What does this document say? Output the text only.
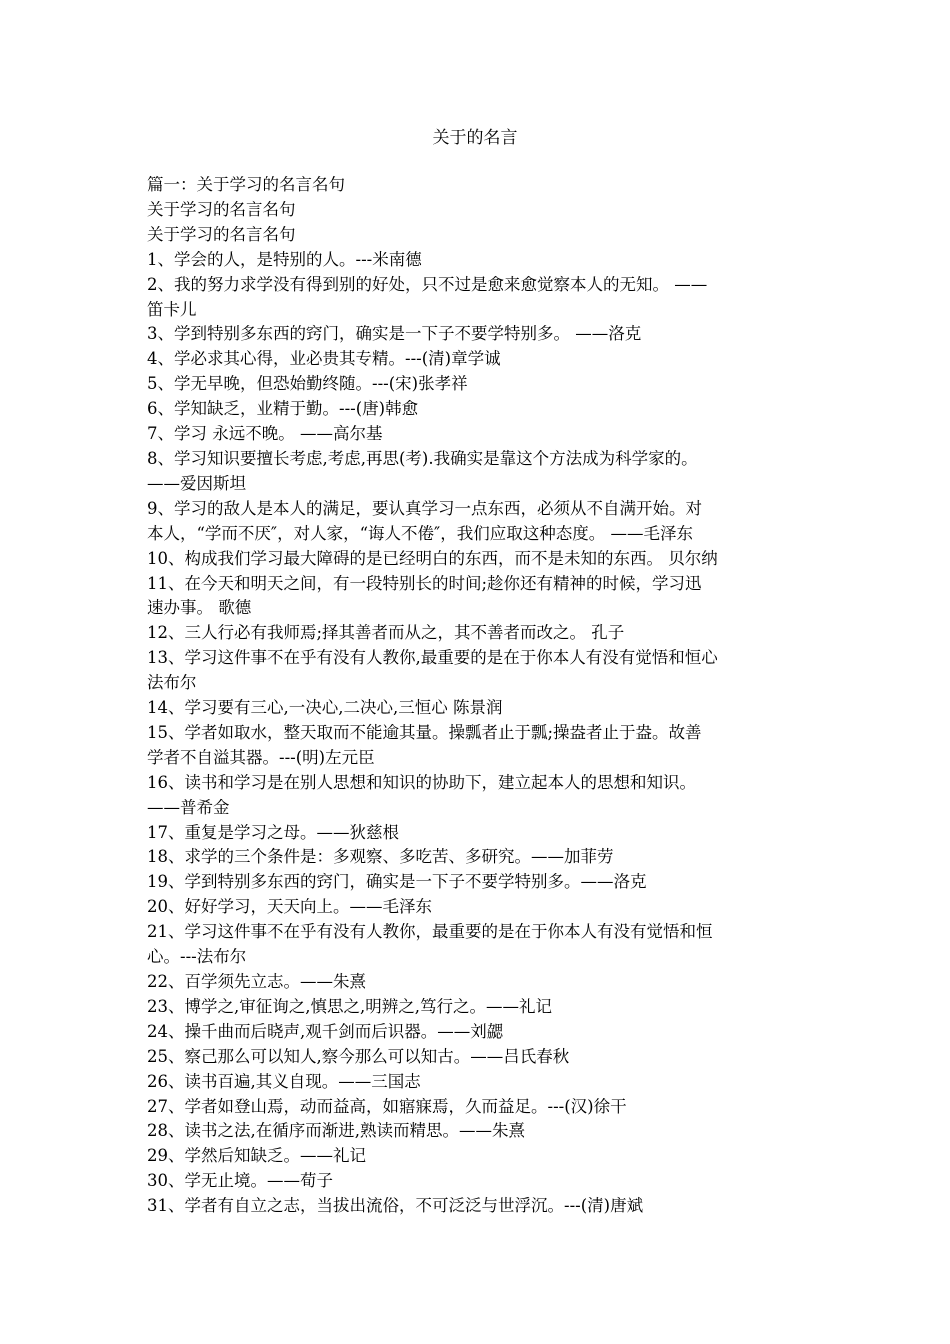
关于的名言
篇一：关于学习的名言名句
关于学习的名言名句
关于学习的名言名句
1、学会的人，是特别的人。---米南德
2、我的努力求学没有得到别的好处，只不过是愈来愈觉察本人的无知。 ——
笛卡儿
3、学到特别多东西的窍门，确实是一下子不要学特别多。 ——洛克
4、学必求其心得，业必贵其专精。---(清)章学诚
5、学无早晚，但恐始勤终随。---(宋)张孝祥
6、学知缺乏，业精于勤。---(唐)韩愈
7、学习 永远不晚。 ——高尔基
8、学习知识要擅长考虑,考虑,再思(考).我确实是靠这个方法成为科学家的。
——爱因斯坦
9、学习的敌人是本人的满足，要认真学习一点东西，必须从不自满开始。对
本人，“学而不厌″，对人家，“诲人不倦″，我们应取这种态度。 ——毛泽东
10、构成我们学习最大障碍的是已经明白的东西，而不是未知的东西。 贝尔纳
11、在今天和明天之间，有一段特别长的时间;趁你还有精神的时候，学习迅
速办事。 歌德
12、三人行必有我师焉;择其善者而从之，其不善者而改之。 孔子
13、学习这件事不在乎有没有人教你,最重要的是在于你本人有没有觉悟和恒心
法布尔
14、学习要有三心,一决心,二决心,三恒心 陈景润
15、学者如取水，整天取而不能逾其量。操瓢者止于瓢;操盎者止于盎。故善
学者不自溢其器。---(明)左元臣
16、读书和学习是在别人思想和知识的协助下，建立起本人的思想和知识。
——普希金
17、重复是学习之母。——狄慈根
18、求学的三个条件是：多观察、多吃苦、多研究。——加菲劳
19、学到特别多东西的窍门，确实是一下子不要学特别多。——洛克
20、好好学习，天天向上。——毛泽东
21、学习这件事不在乎有没有人教你，最重要的是在于你本人有没有觉悟和恒
心。---法布尔
22、百学须先立志。——朱熹
23、博学之,审征询之,慎思之,明辨之,笃行之。——礼记
24、操千曲而后晓声,观千剑而后识器。——刘勰
25、察己那么可以知人,察今那么可以知古。——吕氏春秋
26、读书百遍,其义自现。——三国志
27、学者如登山焉，动而益高，如寤寐焉，久而益足。---(汉)徐干
28、读书之法,在循序而渐进,熟读而精思。——朱熹
29、学然后知缺乏。——礼记
30、学无止境。——荀子
31、学者有自立之志，当拔出流俗，不可泛泛与世浮沉。---(清)唐斌
